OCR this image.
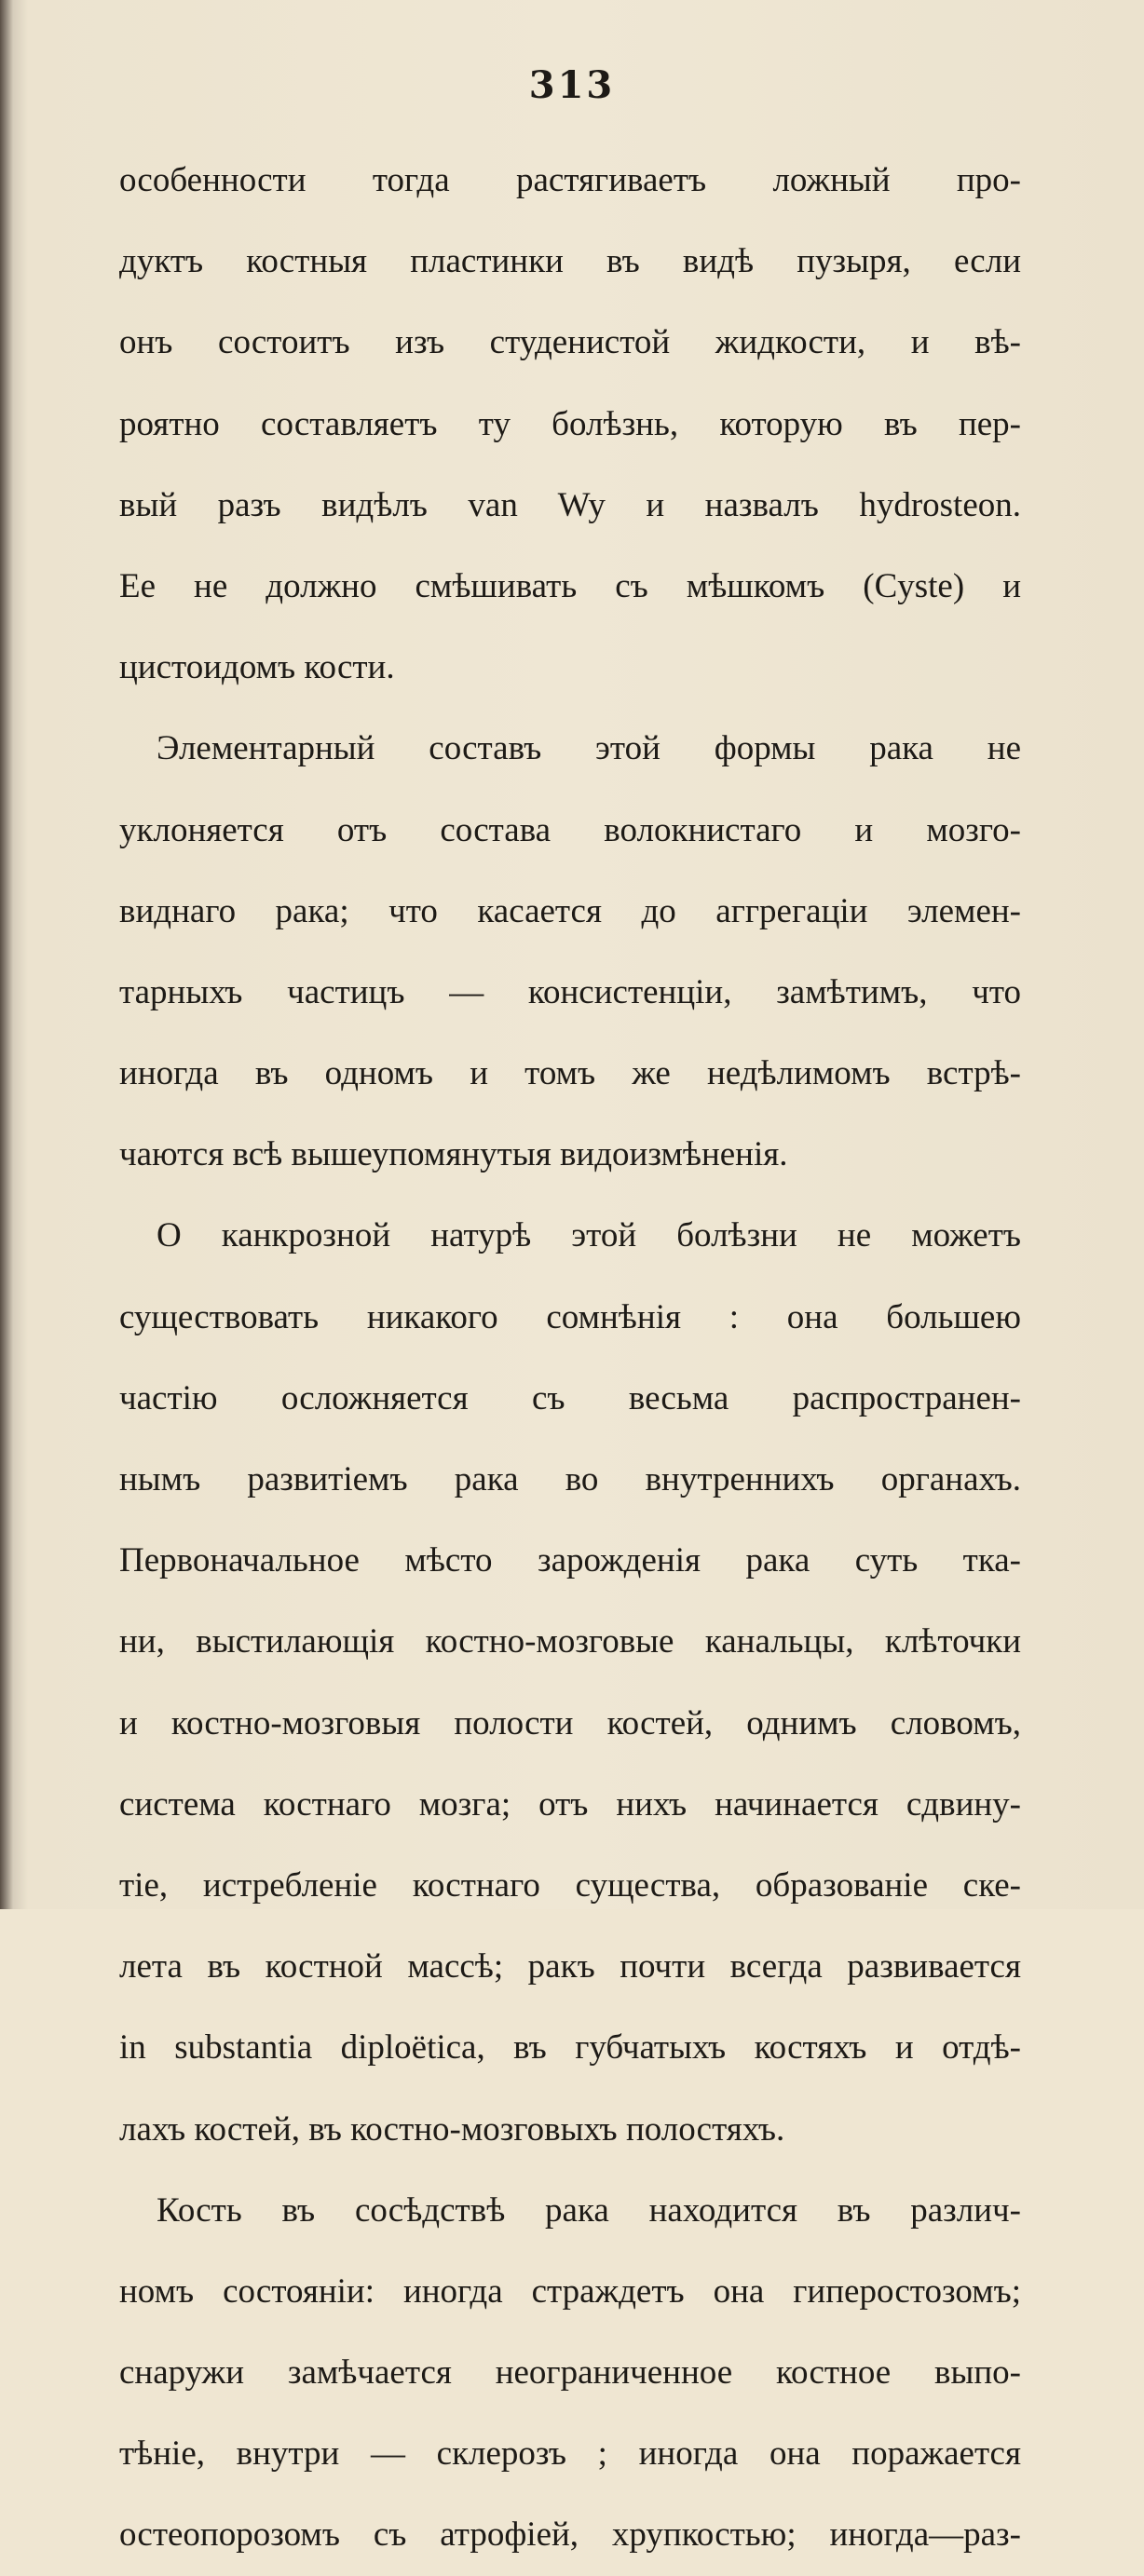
313
особенности тогда растягиваетъ ложный про-
дуктъ костныя пластинки въ видѣ пузыря, если
онъ состоитъ изъ студенистой жидкости, и вѣ-
роятно составляетъ ту болѣзнь, которую въ пер-
вый разъ видѣлъ van Wy и назвалъ hydrosteon.
Ее не должно смѣшивать съ мѣшкомъ (Cyste) и
цистоидомъ кости.
Элементарный составъ этой формы рака не
уклоняется отъ состава волокнистаго и мозго-
виднаго рака; что касается до аггрегацiи элемен-
тарныхъ частицъ — консистенцiи, замѣтимъ, что
иногда въ одномъ и томъ же недѣлимомъ встрѣ-
чаются всѣ вышеупомянутыя видоизмѣненiя.
О канкрозной натурѣ этой болѣзни не можетъ
существовать никакого сомнѣнiя : она большею
частiю осложняется съ весьма распространен-
нымъ развитiемъ рака во внутреннихъ органахъ.
Первоначальное мѣсто зарожденiя рака суть тка-
ни, выстилающiя костно-мозговые канальцы, клѣточки
и костно-мозговыя полости костей, однимъ словомъ,
система костнаго мозга; отъ нихъ начинается сдвину-
тiе, истребленiе костнаго существа, образованiе ске-
лета въ костной массѣ; ракъ почти всегда развивается
in substantia diploëtica, въ губчатыхъ костяхъ и отдѣ-
лахъ костей, въ костно-мозговыхъ полостяхъ.
Кость въ сосѣдствѣ рака находится въ различ-
номъ состоянiи: иногда страждетъ она гиперостозомъ;
снаружи замѣчается неограниченное костное выпо-
тѣнiе, внутри — склерозъ ; иногда она поражается
остеопорозомъ съ атрофiей, хрупкостью; иногда—раз-
